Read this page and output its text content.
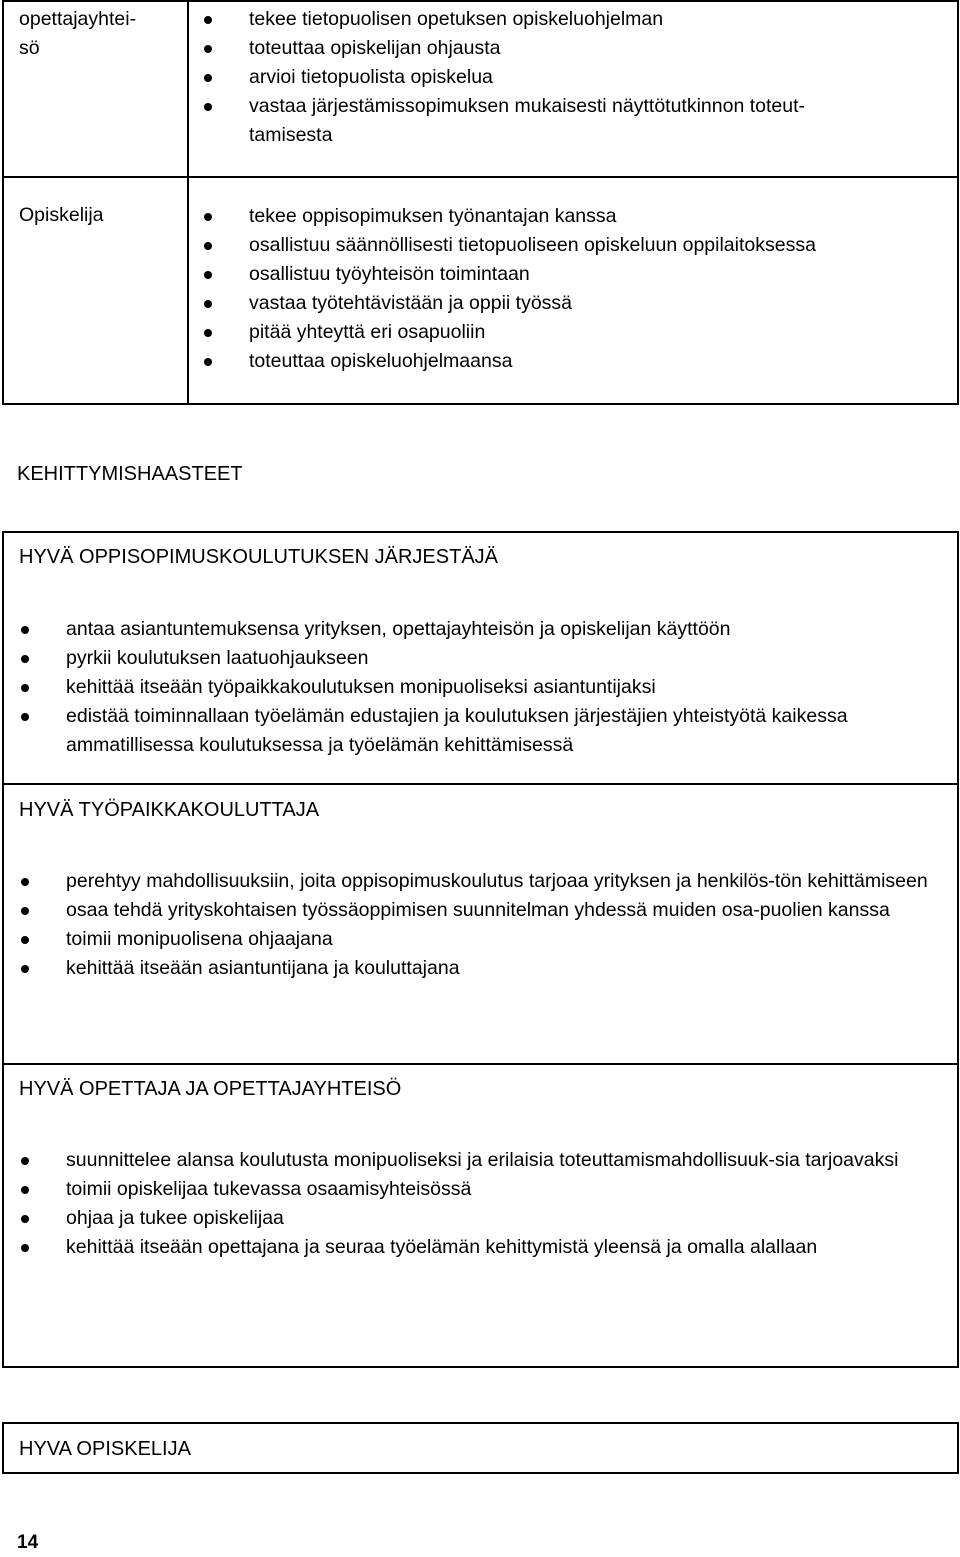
opettajayhtei-
sö
tekee tietopuolisen opetuksen opiskeluohjelman
toteuttaa opiskelijan ohjausta
arvioi tietopuolista opiskelua
vastaa järjestämissopimuksen mukaisesti näyttötutkinnon toteut-tamisesta
Opiskelija	tekee oppisopimuksen työnantajan kanssa
osallistuu säännöllisesti tietopuoliseen opiskeluun oppilaitoksessa
osallistuu työyhteisön toimintaan
vastaa työtehtävistään ja oppii työssä
pitää yhteyttä eri osapuoliin
toteuttaa opiskeluohjelmaansa
KEHITTYMISHAASTEET
HYVÄ OPPISOPIMUSKOULUTUKSEN JÄRJESTÄJÄ
antaa asiantuntemuksensa yrityksen, opettajayhteisön ja opiskelijan käyttöön
pyrkii koulutuksen laatuohjaukseen
kehittää itseään työpaikkakoulutuksen monipuoliseksi asiantuntijaksi
edistää toiminnallaan työelämän edustajien ja koulutuksen järjestäjien yhteistyötä kaikessa ammatillisessa koulutuksessa ja työelämän kehittämisessä
HYVÄ TYÖPAIKKAKOULUTTAJA
perehtyy mahdollisuuksiin, joita oppisopimuskoulutus tarjoaa yrityksen ja henkilös-tön kehittämiseen
osaa tehdä yrityskohtaisen työssäoppimisen suunnitelman yhdessä muiden osa-puolien kanssa
toimii monipuolisena ohjaajana
kehittää itseään asiantuntijana ja kouluttajana
HYVÄ OPETTAJA JA OPETTAJAYHTEISÖ
suunnittelee alansa koulutusta monipuoliseksi ja erilaisia toteuttamismahdollisuuk-sia tarjoavaksi
toimii opiskelijaa tukevassa osaamisyhteisössä
ohjaa ja tukee opiskelijaa
kehittää itseään opettajana ja seuraa työelämän kehittymistä yleensä ja omalla alallaan
HYVA OPISKELIJA
14
